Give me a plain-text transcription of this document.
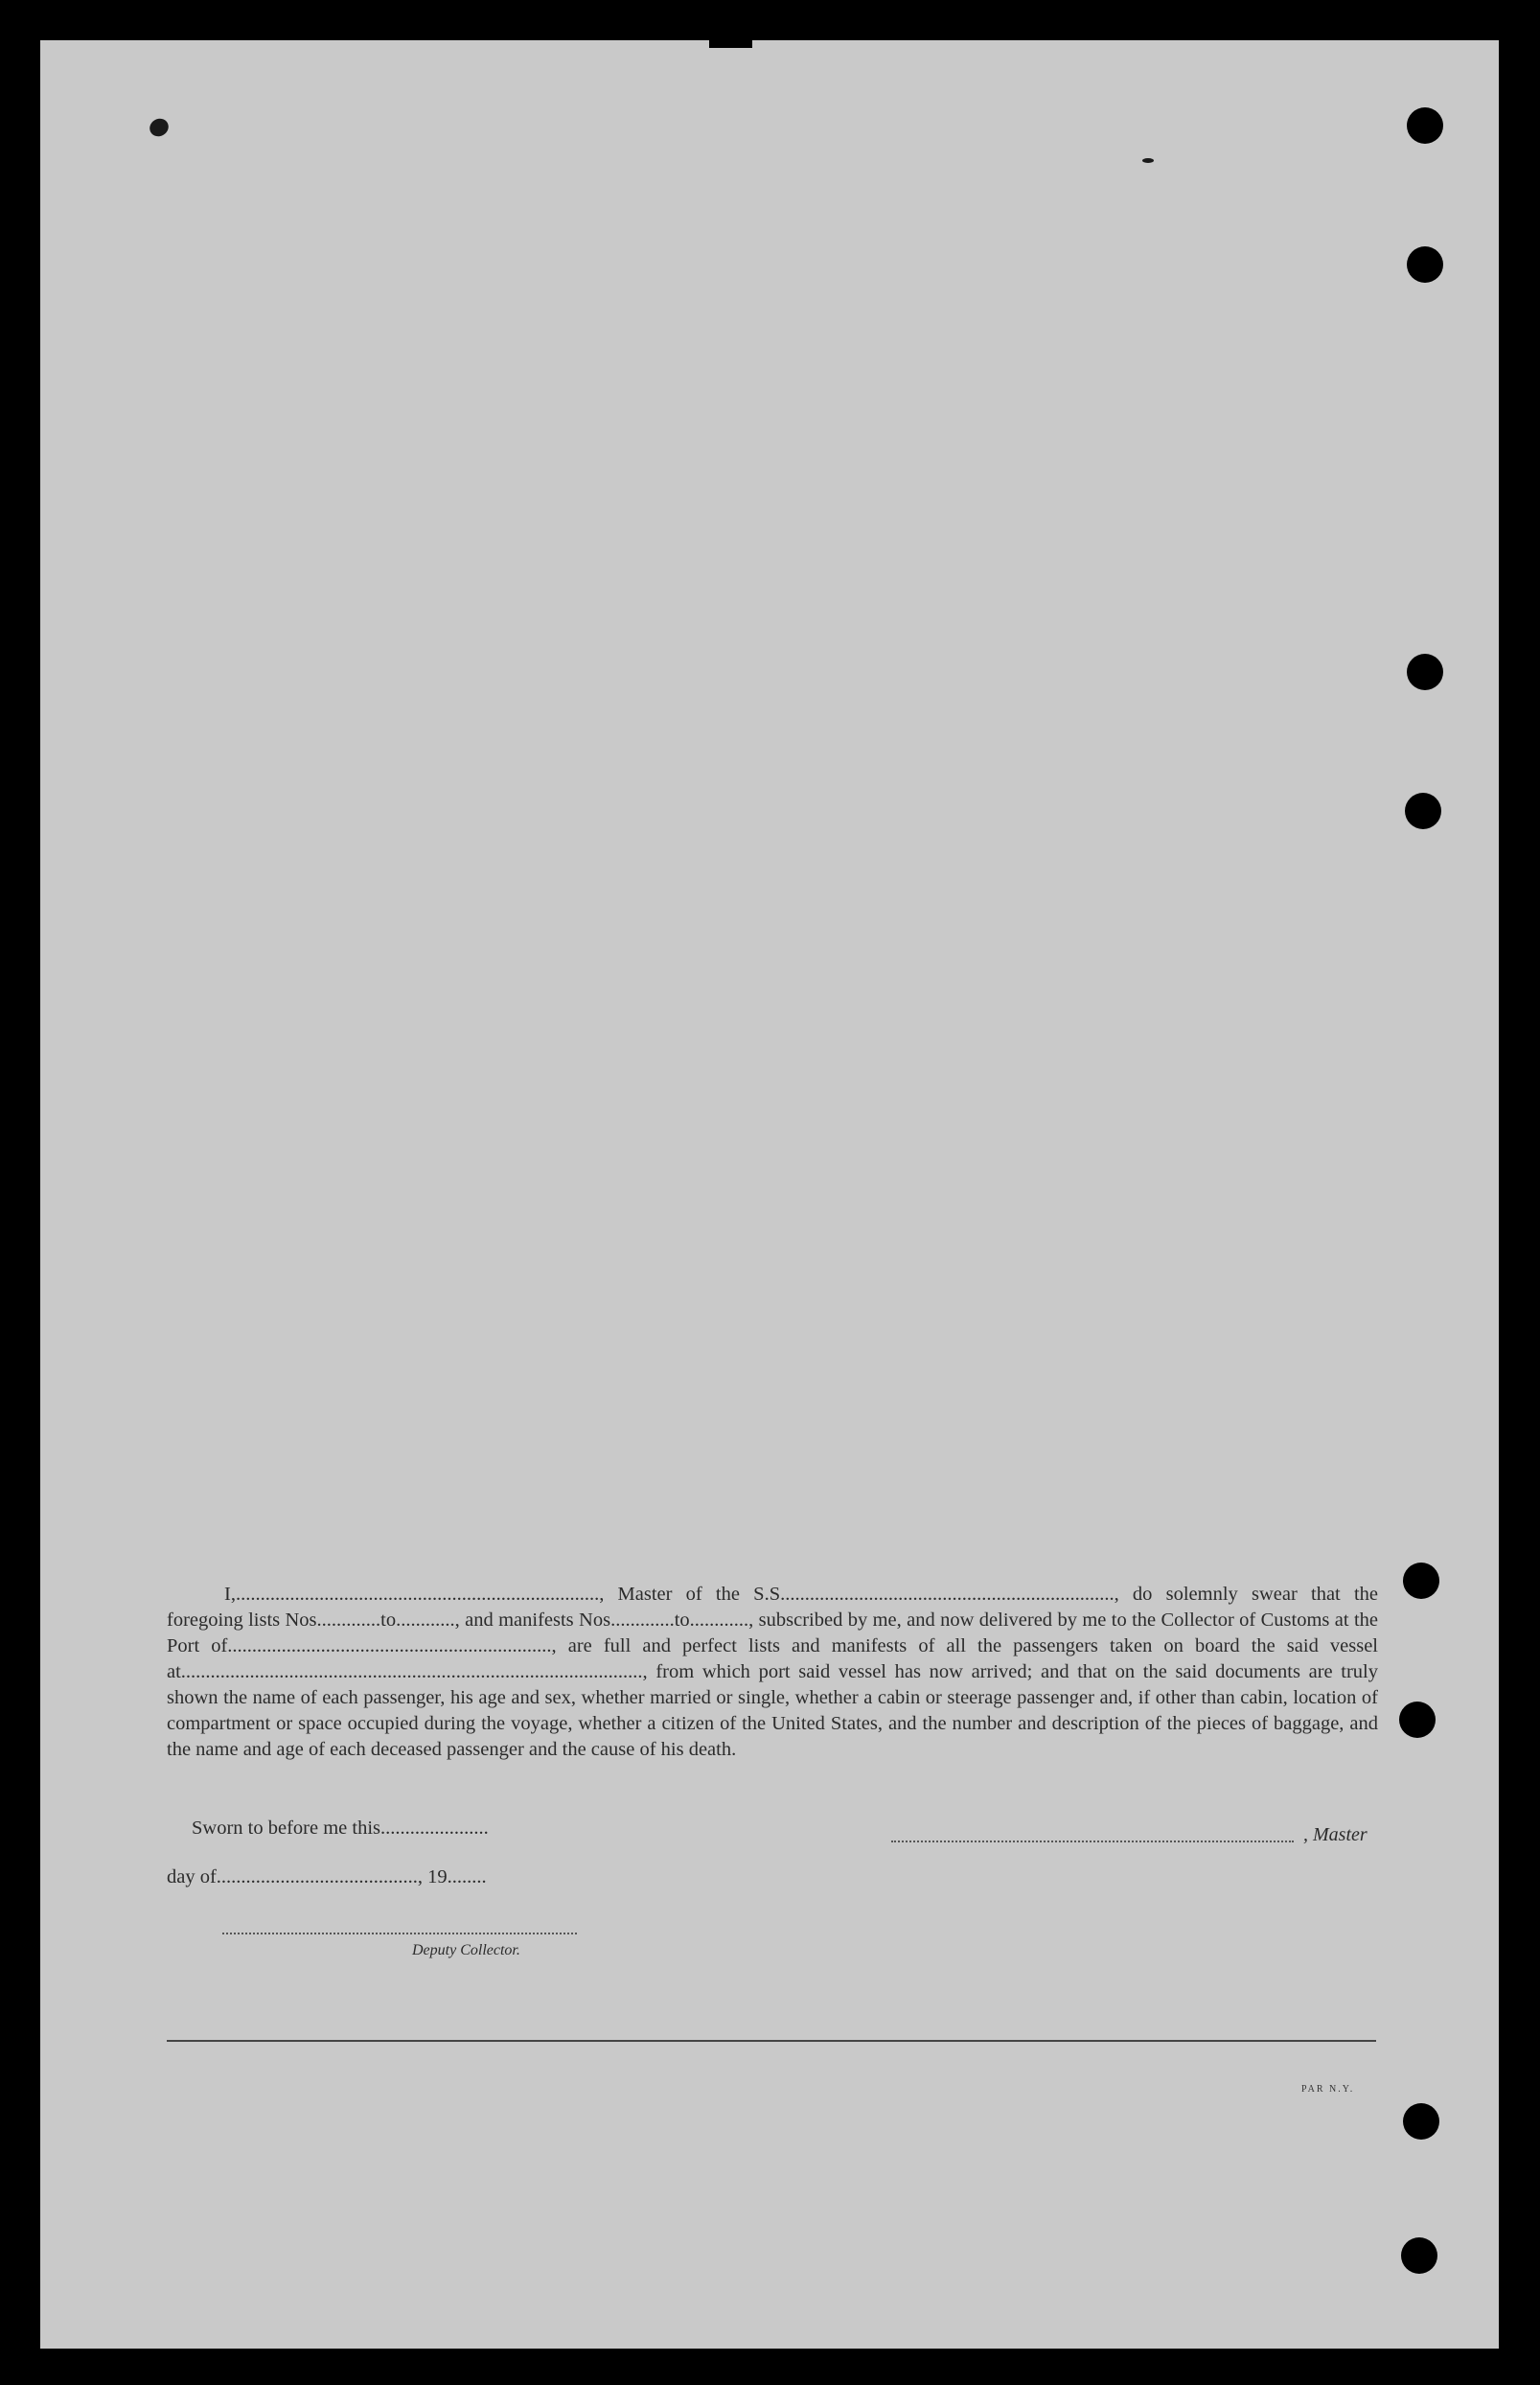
I,.........................................................................., Master of the S.S...................................................................., do solemnly swear that the foregoing lists Nos.............to............, and manifests Nos.............to............, subscribed by me, and now delivered by me to the Collector of Customs at the Port of.................................................................., are full and perfect lists and manifests of all the passengers taken on board the said vessel at.............................................................................................., from which port said vessel has now arrived; and that on the said documents are truly shown the name of each passenger, his age and sex, whether married or single, whether a cabin or steerage passenger and, if other than cabin, location of compartment or space occupied during the voyage, whether a citizen of the United States, and the number and description of the pieces of baggage, and the name and age of each deceased passenger and the cause of his death.

Sworn to before me this......................
day of........................................., 19........
Deputy Collector.
, Master
PAR N.Y.
